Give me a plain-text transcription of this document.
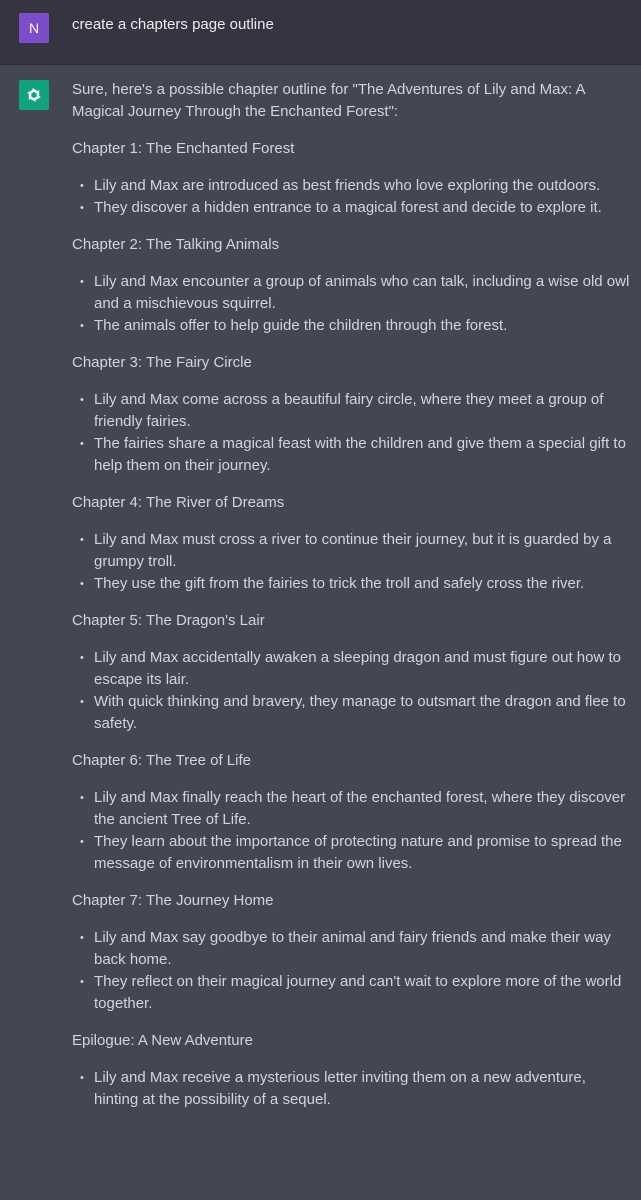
N create a chapters page outline

Sure, here's a possible chapter outline for "The Adventures of Lily and Max: A Magical Journey Through the Enchanted Forest":

Chapter 1: The Enchanted Forest

• Lily and Max are introduced as best friends who love exploring the outdoors.
• They discover a hidden entrance to a magical forest and decide to explore it.

Chapter 2: The Talking Animals

• Lily and Max encounter a group of animals who can talk, including a wise old owl and a mischievous squirrel.
• The animals offer to help guide the children through the forest.

Chapter 3: The Fairy Circle

• Lily and Max come across a beautiful fairy circle, where they meet a group of friendly fairies.
• The fairies share a magical feast with the children and give them a special gift to help them on their journey.

Chapter 4: The River of Dreams

• Lily and Max must cross a river to continue their journey, but it is guarded by a grumpy troll.
• They use the gift from the fairies to trick the troll and safely cross the river.

Chapter 5: The Dragon's Lair

• Lily and Max accidentally awaken a sleeping dragon and must figure out how to escape its lair.
• With quick thinking and bravery, they manage to outsmart the dragon and flee to safety.

Chapter 6: The Tree of Life

• Lily and Max finally reach the heart of the enchanted forest, where they discover the ancient Tree of Life.
• They learn about the importance of protecting nature and promise to spread the message of environmentalism in their own lives.

Chapter 7: The Journey Home

• Lily and Max say goodbye to their animal and fairy friends and make their way back home.
• They reflect on their magical journey and can't wait to explore more of the world together.

Epilogue: A New Adventure

• Lily and Max receive a mysterious letter inviting them on a new adventure, hinting at the possibility of a sequel.
